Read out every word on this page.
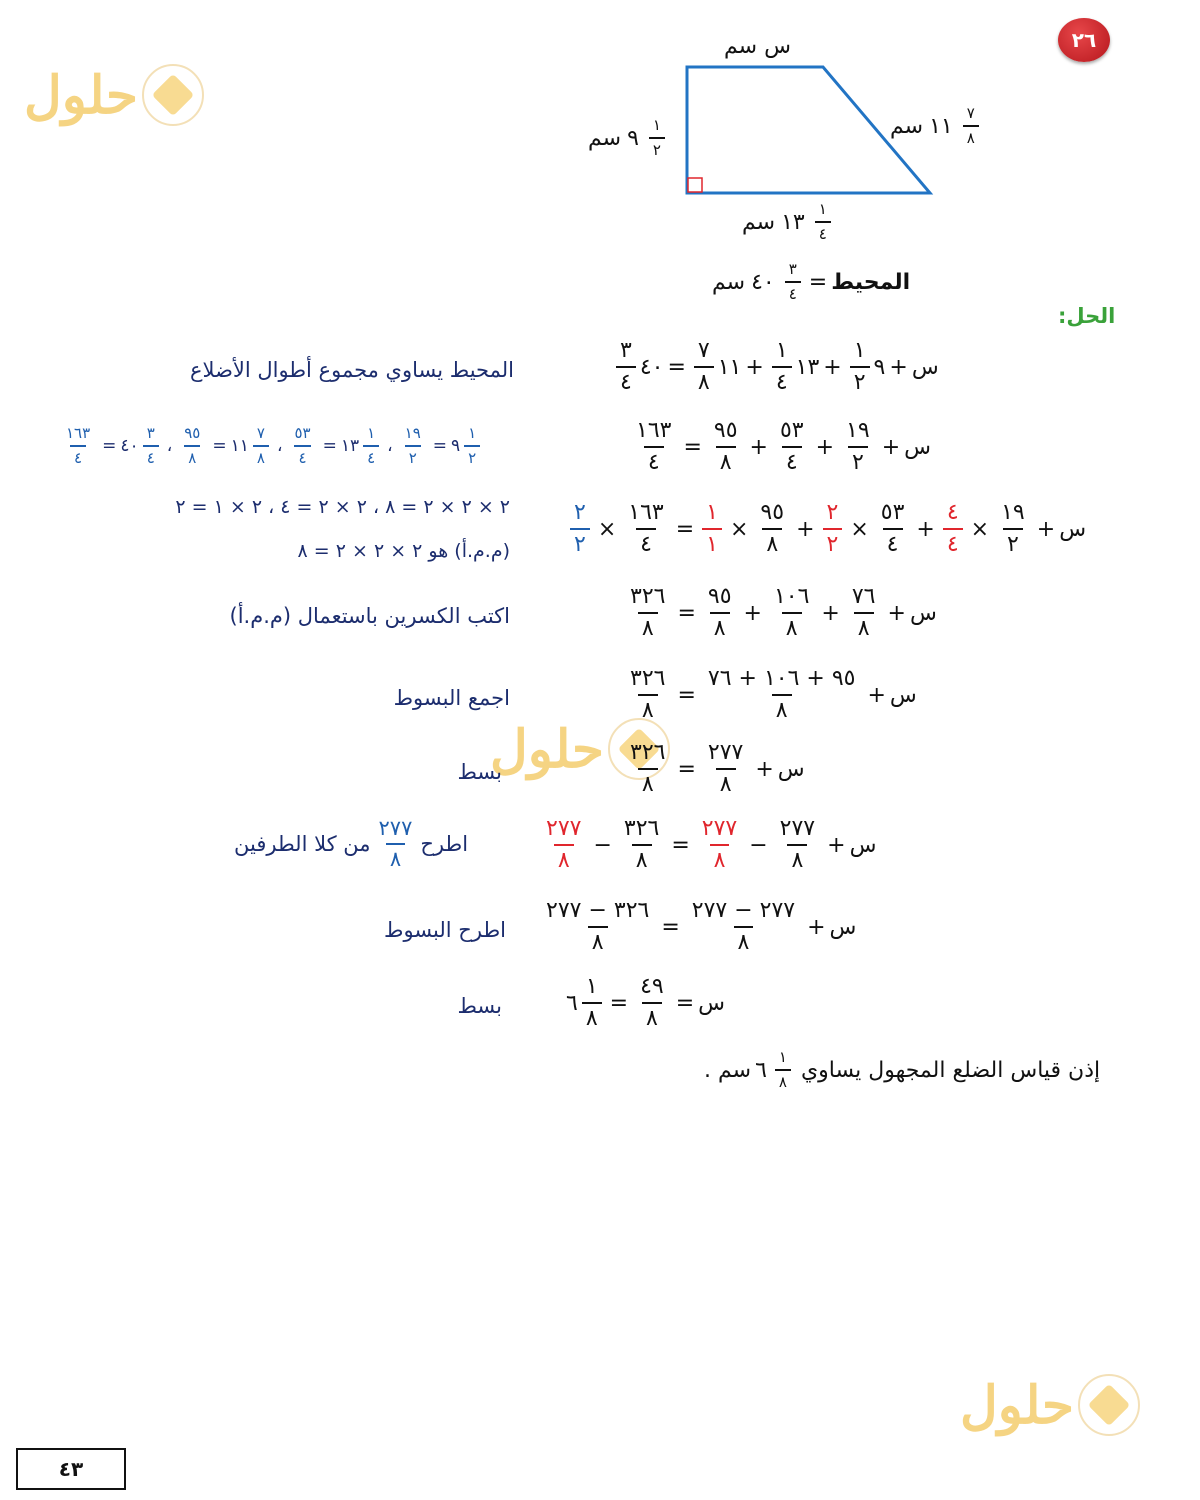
٢٦
حلول
حلول
حلول
س سم
سم ٩ $\frac{١}{٢}$	سم ١١ $\frac{٧}{٨}$
سم ١٣ $\frac{١}{٤}$
سم ٤٠ $\frac{٣}{٤}$ = المحيط
الحل:
$\frac{٣}{٤}$ ٤٠ = $\frac{٧}{٨}$ ١١ + $\frac{١}{٤}$ ١٣ + $\frac{١}{٢}$ ٩ + س
المحيط يساوي مجموع أطوال الأضلاع
$\frac{١٦٣}{٤} = \frac{٩٥}{٨} + \frac{٥٣}{٤} + \frac{١٩}{٢}$ + س
$\frac{١٦٣}{٤}$ = ٤٠ $\frac{٣}{٤}$ ، $\frac{٩٥}{٨}$ = ١١ $\frac{٧}{٨}$ ، $\frac{٥٣}{٤}$ = ١٣ $\frac{١}{٤}$ ، $\frac{١٩}{٢}$ = ٩ $\frac{١}{٢}$
$\frac{٢}{٢} \times \frac{١٦٣}{٤} = \frac{١}{١} \times \frac{٩٥}{٨} + \frac{٢}{٢} \times \frac{٥٣}{٤} + \frac{٤}{٤} \times \frac{١٩}{٢}$ + س
٢ × ٢ × ٢ = ٨ ، ٢ × ٢ = ٤ ، ٢ × ١ = ٢
(م.م.أ) هو ٢ × ٢ × ٢ = ٨
$\frac{٣٢٦}{٨} = \frac{٩٥}{٨} + \frac{١٠٦}{٨} + \frac{٧٦}{٨}$ + س
اكتب الكسرين باستعمال (م.م.أ)
$\frac{٣٢٦}{٨} = \frac{٩٥ + ١٠٦ + ٧٦}{٨}$ + س
اجمع البسوط
$\frac{٣٢٦}{٨} = \frac{٢٧٧}{٨}$ + س
بسط
$\frac{٢٧٧}{٨} - \frac{٣٢٦}{٨} = \frac{٢٧٧}{٨} - \frac{٢٧٧}{٨}$ + س
من كلا الطرفين $\frac{٢٧٧}{٨}$ اطرح
$\frac{٣٢٦ - ٢٧٧}{٨} = \frac{٢٧٧ - ٢٧٧}{٨}$ + س
اطرح البسوط
٦ $\frac{١}{٨} = \frac{٤٩}{٨}$ = س
بسط
سم . ٦ $\frac{١}{٨}$ إذن قياس الضلع المجهول يساوي
٤٣
